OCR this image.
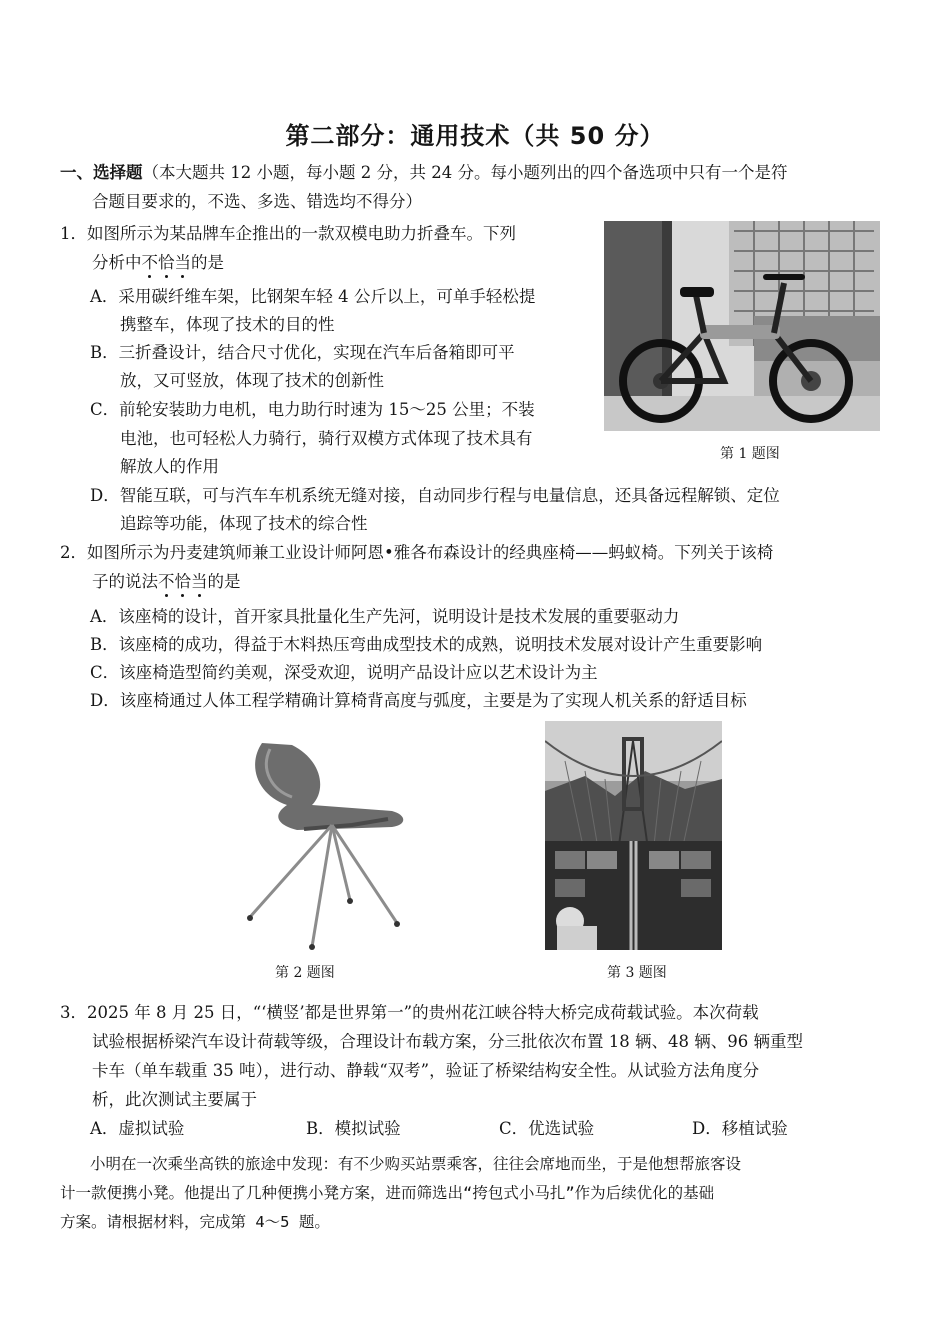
第二部分：通用技术（共 50 分）
一、选择题（本大题共 12 小题，每小题 2 分，共 24 分。每小题列出的四个备选项中只有一个是符
合题目要求的，不选、多选、错选均不得分）
1．如图所示为某品牌车企推出的一款双模电助力折叠车。下列
分析中不恰当的是
A．采用碳纤维车架，比钢架车轻 4 公斤以上，可单手轻松提
携整车，体现了技术的目的性
B．三折叠设计，结合尺寸优化，实现在汽车后备箱即可平
放，又可竖放，体现了技术的创新性
C．前轮安装助力电机，电力助行时速为 15～25 公里；不装
电池，也可轻松人力骑行，骑行双模方式体现了技术具有
解放人的作用
D．智能互联，可与汽车车机系统无缝对接，自动同步行程与电量信息，还具备远程解锁、定位
追踪等功能，体现了技术的综合性
第 1 题图
2．如图所示为丹麦建筑师兼工业设计师阿恩•雅各布森设计的经典座椅——蚂蚁椅。下列关于该椅
子的说法不恰当的是
A．该座椅的设计，首开家具批量化生产先河，说明设计是技术发展的重要驱动力
B．该座椅的成功，得益于木料热压弯曲成型技术的成熟，说明技术发展对设计产生重要影响
C．该座椅造型简约美观，深受欢迎，说明产品设计应以艺术设计为主
D．该座椅通过人体工程学精确计算椅背高度与弧度，主要是为了实现人机关系的舒适目标
第 2 题图	第 3 题图
3．2025 年 8 月 25 日，“‘横竖’都是世界第一”的贵州花江峡谷特大桥完成荷载试验。本次荷载
试验根据桥梁汽车设计荷载等级，合理设计布载方案，分三批依次布置 18 辆、48 辆、96 辆重型
卡车（单车载重 35 吨），进行动、静载“双考”，验证了桥梁结构安全性。从试验方法角度分
析，此次测试主要属于
A．虚拟试验	B．模拟试验	C．优选试验	D．移植试验
小明在一次乘坐高铁的旅途中发现：有不少购买站票乘客，往往会席地而坐，于是他想帮旅客设
计一款便携小凳。他提出了几种便携小凳方案，进而筛选出“挎包式小马扎”作为后续优化的基础
方案。请根据材料，完成第 4～5 题。
